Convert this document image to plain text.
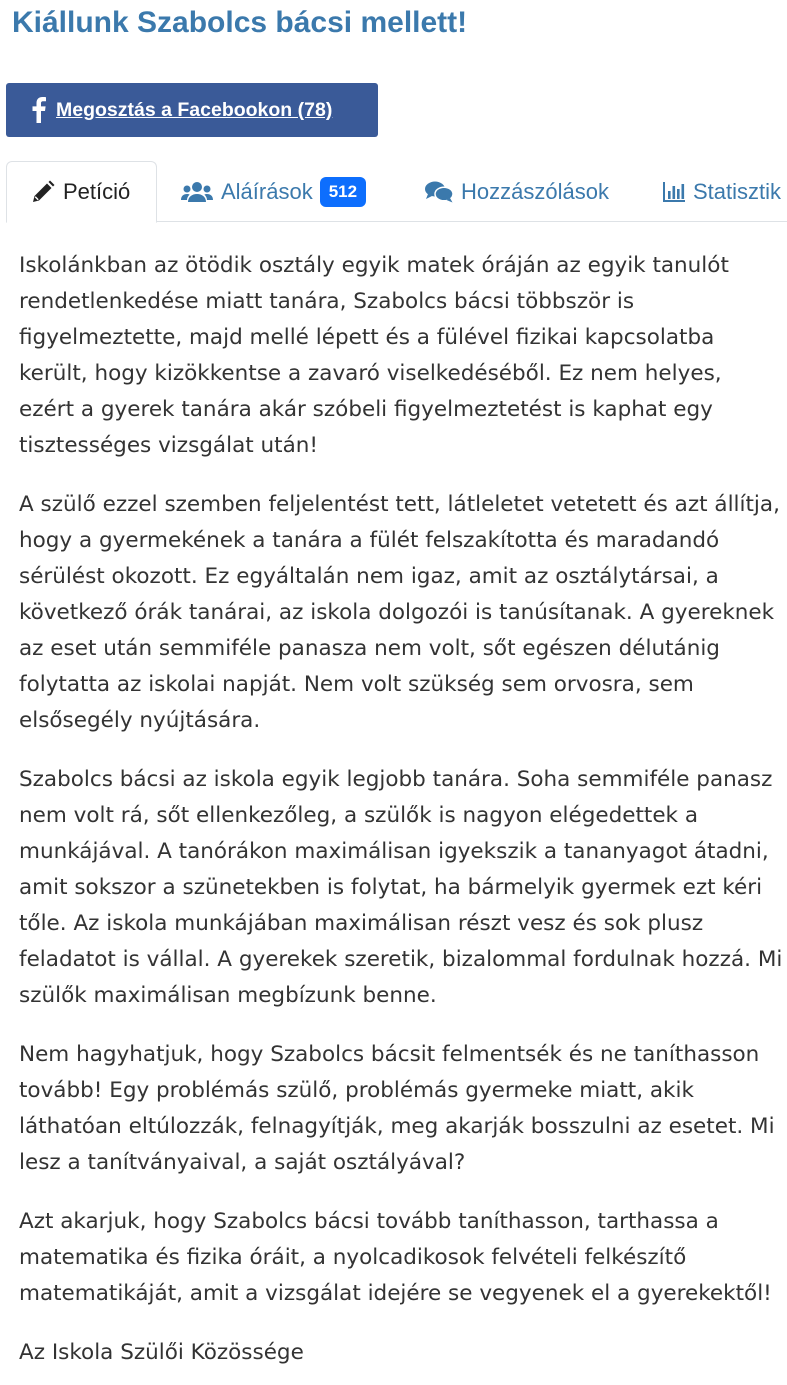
Kiállunk Szabolcs bácsi mellett!
Megosztás a Facebookon (78)
Petíció	Aláírások 512	Hozzászólások	Statisztik

Iskolánkban az ötödik osztály egyik matek óráján az egyik tanulót rendetlenkedése miatt tanára, Szabolcs bácsi többször is figyelmeztette, majd mellé lépett és a fülével fizikai kapcsolatba került, hogy kizökkentse a zavaró viselkedéséből. Ez nem helyes, ezért a gyerek tanára akár szóbeli figyelmeztetést is kaphat egy tisztességes vizsgálat után!

A szülő ezzel szemben feljelentést tett, látleletet vetetett és azt állítja, hogy a gyermekének a tanára a fülét felszakította és maradandó sérülést okozott. Ez egyáltalán nem igaz, amit az osztálytársai, a következő órák tanárai, az iskola dolgozói is tanúsítanak. A gyereknek az eset után semmiféle panasza nem volt, sőt egészen délutánig folytatta az iskolai napját. Nem volt szükség sem orvosra, sem elsősegély nyújtására.

Szabolcs bácsi az iskola egyik legjobb tanára. Soha semmiféle panasz nem volt rá, sőt ellenkezőleg, a szülők is nagyon elégedettek a munkájával. A tanórákon maximálisan igyekszik a tananyagot átadni, amit sokszor a szünetekben is folytat, ha bármelyik gyermek ezt kéri tőle. Az iskola munkájában maximálisan részt vesz és sok plusz feladatot is vállal. A gyerekek szeretik, bizalommal fordulnak hozzá. Mi szülők maximálisan megbízunk benne.

Nem hagyhatjuk, hogy Szabolcs bácsit felmentsék és ne taníthasson tovább! Egy problémás szülő, problémás gyermeke miatt, akik láthatóan eltúlozzák, felnagyítják, meg akarják bosszulni az esetet. Mi lesz a tanítványaival, a saját osztályával?

Azt akarjuk, hogy Szabolcs bácsi tovább taníthasson, tarthassa a matematika és fizika óráit, a nyolcadikosok felvételi felkészítő matematikáját, amit a vizsgálat idejére se vegyenek el a gyerekektől!

Az Iskola Szülői Közössége
